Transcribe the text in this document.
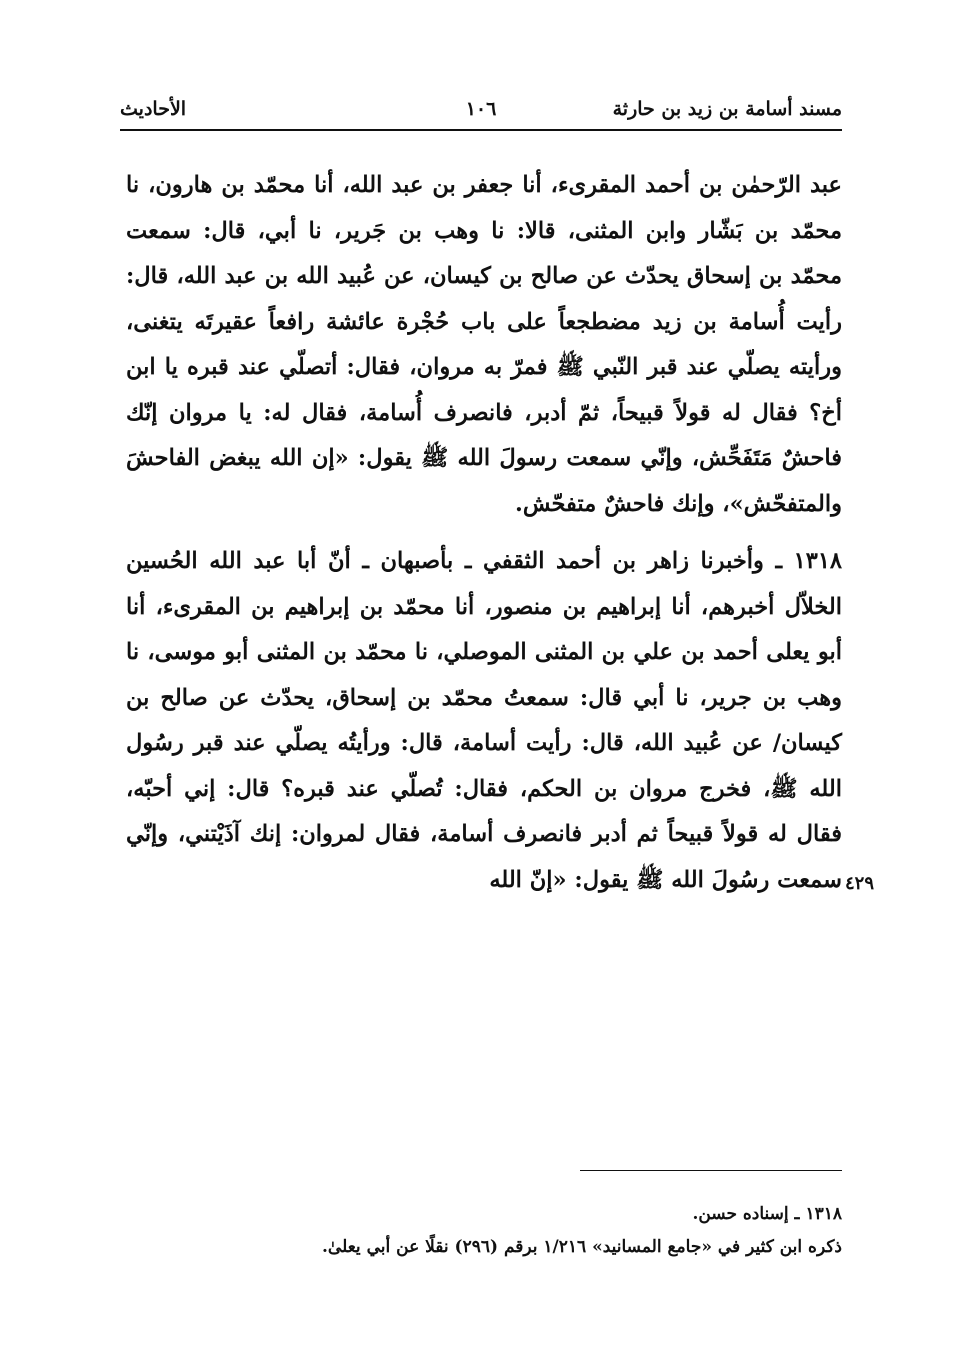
مسند أسامة بن زيد بن حارثة
١٠٦
الأحاديث

عبد الرّحمٰن بن أحمد المقرىء، أنا جعفر بن عبد الله، أنا محمّد بن هارون، نا محمّد بن بَشّار وابن المثنى، قالا: نا وهب بن جَرير، نا أبي، قال: سمعت محمّد بن إسحاق يحدّث عن صالح بن كيسان، عن عُبيد الله بن عبد الله، قال: رأيت أُسامة بن زيد مضطجعاً على باب حُجْرة عائشة رافعاً عقيرتَه يتغنى، ورأيته يصلّي عند قبر النّبي ﷺ فمرّ به مروان، فقال: أتصلّي عند قبره يا ابن أخ؟ فقال له قولاً قبيحاً، ثمّ أدبر، فانصرف أُسامة، فقال له: يا مروان إنّك فاحشٌ مَتَفَحِّش، وإنّي سمعت رسولَ الله ﷺ يقول: «إن الله يبغض الفاحشَ والمتفحّش»، وإنك فاحشٌ متفحّش.

١٣١٨ ـ وأخبرنا زاهر بن أحمد الثقفي ـ بأصبهان ـ أنّ أبا عبد الله الحُسين الخلاّل أخبرهم، أنا إبراهيم بن منصور، أنا محمّد بن إبراهيم بن المقرىء، أنا أبو يعلى أحمد بن علي بن المثنى الموصلي، نا محمّد بن المثنى أبو موسى، نا وهب بن جرير، نا أبي قال: سمعتُ محمّد بن إسحاق، يحدّث عن صالح بن كيسان/ عن عُبيد الله، قال: رأيت أسامة، قال: ورأيتُه يصلّي عند قبر رسُول الله ﷺ، فخرج مروان بن الحكم، فقال: تُصلّي عند قبره؟ قال: إني أحبّه، فقال له قولاً قبيحاً ثم أدبر فانصرف أسامة، فقال لمروان: إنك آذَيْتني، وإنّي سمعت رسُولَ الله ﷺ يقول: «إنّ الله ٤٢٩

١٣١٨ ـ إسناده حسن.

ذكره ابن كثير في «جامع المسانيد» ١/٢١٦ برقم (٢٩٦) نقلًا عن أبي يعلىٰ.
